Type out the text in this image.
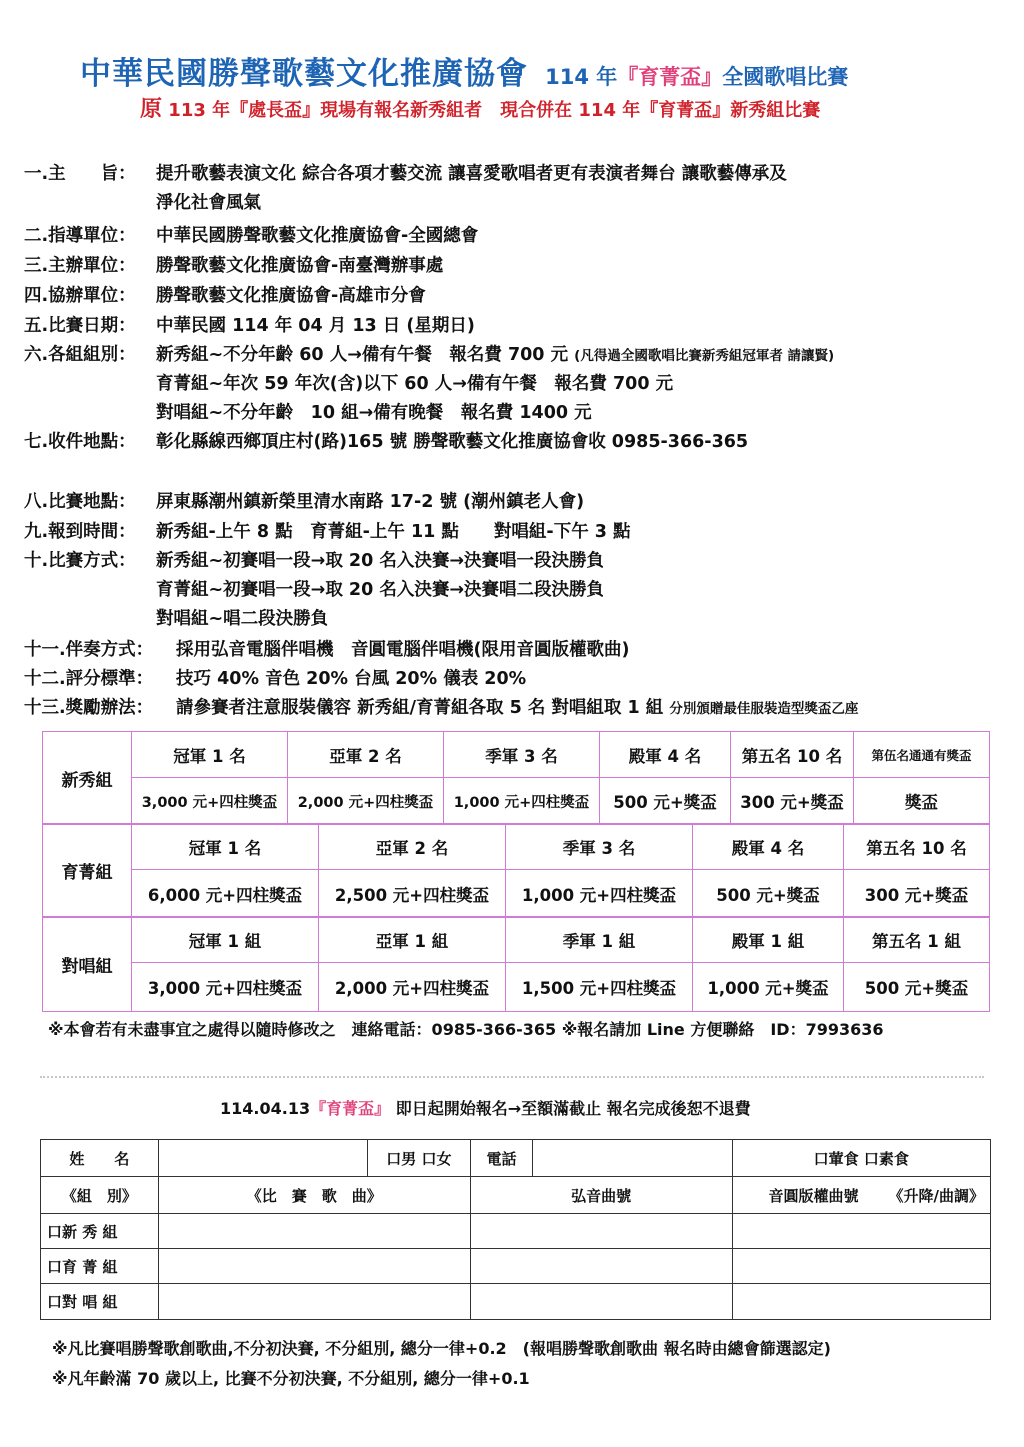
中華民國勝聲歌藝文化推廣協會 114 年『育菁盃』全國歌唱比賽
原 113 年『處長盃』現場有報名新秀組者　現合併在 114 年『育菁盃』新秀組比賽
一.主　　旨：	提升歌藝表演文化 綜合各項才藝交流 讓喜愛歌唱者更有表演者舞台 讓歌藝傳承及
淨化社會風氣
二.指導單位：	中華民國勝聲歌藝文化推廣協會-全國總會
三.主辦單位：	勝聲歌藝文化推廣協會-南臺灣辦事處
四.協辦單位：	勝聲歌藝文化推廣協會-高雄市分會
五.比賽日期：	中華民國 114 年 04 月 13 日 (星期日)
六.各組組別：	新秀組~不分年齡 60 人→備有午餐　報名費 700 元 (凡得過全國歌唱比賽新秀組冠軍者 請讓賢)
育菁組~年次 59 年次(含)以下 60 人→備有午餐　報名費 700 元
對唱組~不分年齡　10 組→備有晚餐　報名費 1400 元
七.收件地點：	彰化縣線西鄉頂庄村(路)165 號 勝聲歌藝文化推廣協會收 0985-366-365
八.比賽地點：	屏東縣潮州鎮新榮里清水南路 17-2 號 (潮州鎮老人會)
九.報到時間：	新秀組-上午 8 點　育菁組-上午 11 點　　對唱組-下午 3 點
十.比賽方式：	新秀組~初賽唱一段→取 20 名入決賽→決賽唱一段決勝負
育菁組~初賽唱一段→取 20 名入決賽→決賽唱二段決勝負
對唱組~唱二段決勝負
十一.伴奏方式：	採用弘音電腦伴唱機　音圓電腦伴唱機(限用音圓版權歌曲)
十二.評分標準：	技巧 40% 音色 20% 台風 20% 儀表 20%
十三.獎勵辦法：	請參賽者注意服裝儀容 新秀組/育菁組各取 5 名 對唱組取 1 組 分別頒贈最佳服裝造型獎盃乙座
新秀組	冠軍 1 名	亞軍 2 名	季軍 3 名	殿軍 4 名	第五名 10 名	第伍名通通有獎盃
	3,000 元+四柱獎盃	2,000 元+四柱獎盃	1,000 元+四柱獎盃	500 元+獎盃	300 元+獎盃	獎盃
育菁組	冠軍 1 名	亞軍 2 名	季軍 3 名	殿軍 4 名	第五名 10 名
	6,000 元+四柱獎盃	2,500 元+四柱獎盃	1,000 元+四柱獎盃	500 元+獎盃	300 元+獎盃
對唱組	冠軍 1 組	亞軍 1 組	季軍 1 組	殿軍 1 組	第五名 1 組
	3,000 元+四柱獎盃	2,000 元+四柱獎盃	1,500 元+四柱獎盃	1,000 元+獎盃	500 元+獎盃
※本會若有未盡事宜之處得以隨時修改之　連絡電話：0985-366-365 ※報名請加 Line 方便聯絡　ID：7993636
114.04.13『育菁盃』 即日起開始報名→至額滿截止 報名完成後恕不退費
姓　　名		口男 口女	電話		口葷食 口素食
《組　別》	《比　賽　歌　曲》		弘音曲號		音圓版權曲號 《升降/曲調》
口新 秀 組					
口育 菁 組					
口對 唱 組					
※凡比賽唱勝聲歌創歌曲,不分初決賽, 不分組別, 總分一律+0.2　(報唱勝聲歌創歌曲 報名時由總會篩選認定)
※凡年齡滿 70 歲以上, 比賽不分初決賽, 不分組別, 總分一律+0.1
